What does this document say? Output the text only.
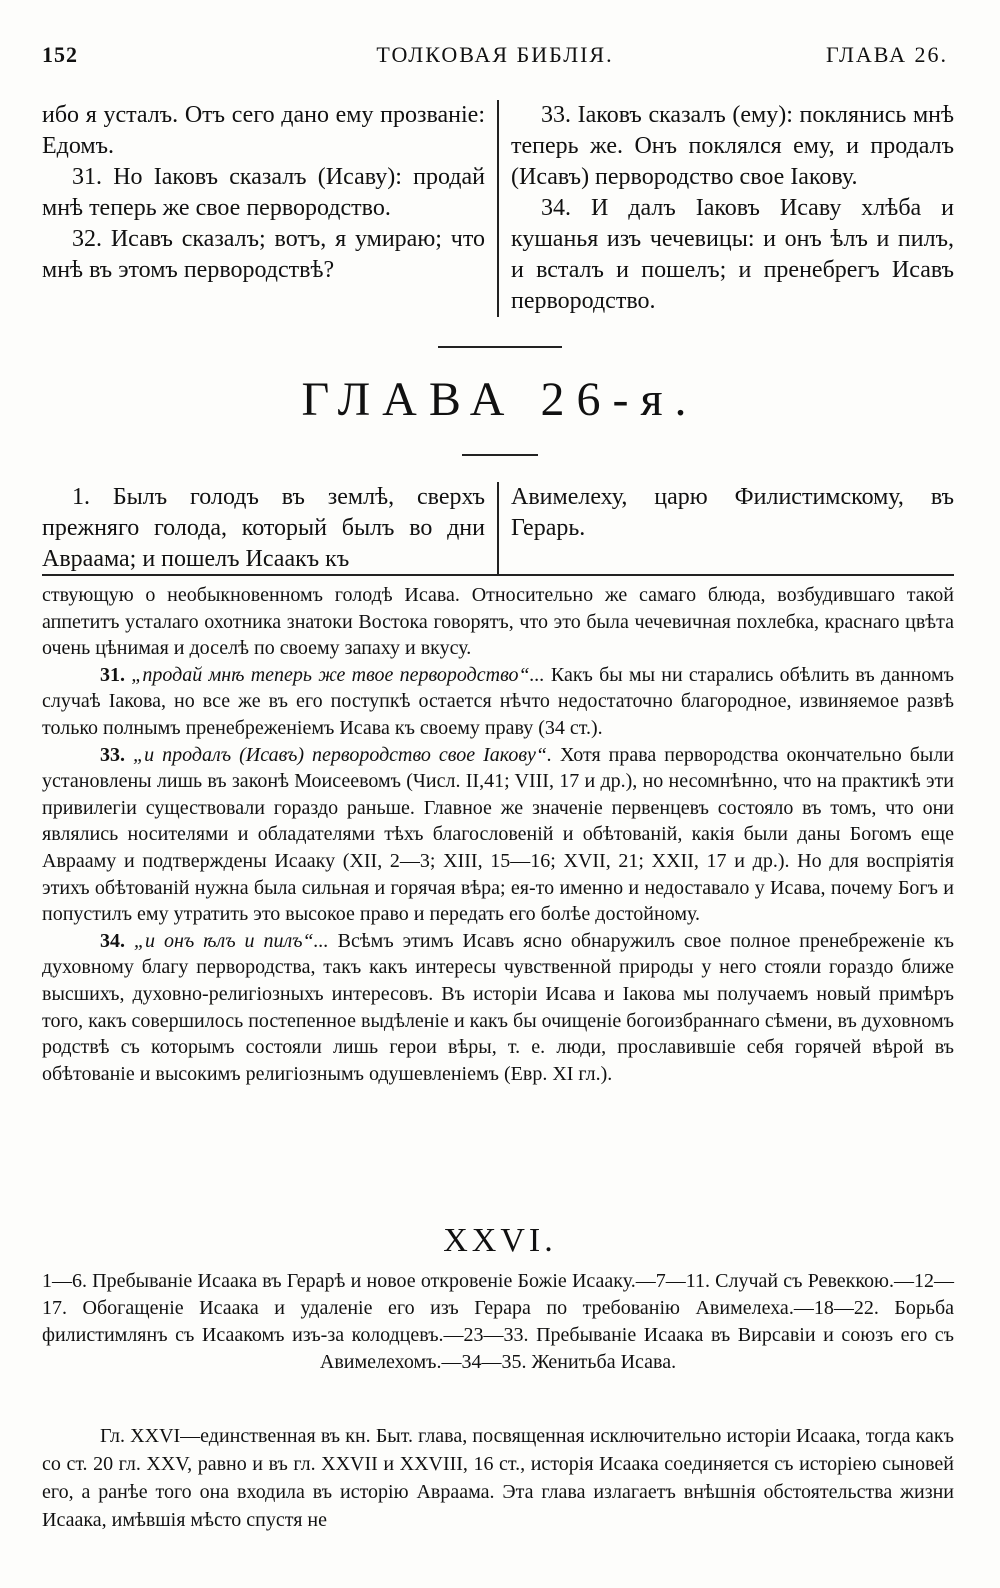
152	ТОЛКОВАЯ БИБЛІЯ.	ГЛАВА 26.

ибо я усталъ. Отъ сего дано ему прозваніе: Едомъ.

31. Но Іаковъ сказалъ (Исаву): продай мнѣ теперь же свое первородство.

32. Исавъ сказалъ; вотъ, я умираю; что мнѣ въ этомъ первородствѣ?

33. Іаковъ сказалъ (ему): поклянись мнѣ теперь же. Онъ поклялся ему, и продалъ (Исавъ) первородство свое Іакову.

34. И далъ Іаковъ Исаву хлѣба и кушанья изъ чечевицы: и онъ ѣлъ и пилъ, и всталъ и пошелъ; и пренебрегъ Исавъ первородство.

ГЛАВА 26-я.

1. Былъ голодъ въ землѣ, сверхъ прежняго голода, который былъ во дни Авраама; и пошелъ Исаакъ къ

Авимелеху, царю Филистимскому, въ Герарь.

ствующую о необыкновенномъ голодѣ Исава. Относительно же самаго блюда, возбудившаго такой аппетитъ усталаго охотника знатоки Востока говорятъ, что это была чечевичная похлебка, краснаго цвѣта очень цѣнимая и доселѣ по своему запаху и вкусу.

31. „продай мнѣ теперь же твое первородство“... Какъ бы мы ни старались обѣлить въ данномъ случаѣ Іакова, но все же въ его поступкѣ остается нѣчто недостаточно благородное, извиняемое развѣ только полнымъ пренебреженіемъ Исава къ своему праву (34 ст.).

33. „и продалъ (Исавъ) первородство свое Іакову“. Хотя права первородства окончательно были установлены лишь въ законѣ Моисеевомъ (Числ. II,41; VIII, 17 и др.), но несомнѣнно, что на практикѣ эти привилегіи существовали гораздо раньше. Главное же значеніе первенцевъ состояло въ томъ, что они являлись носителями и обладателями тѣхъ благословеній и обѣтованій, какія были даны Богомъ еще Аврааму и подтверждены Исааку (XII, 2—3; XIII, 15—16; XVII, 21; XXII, 17 и др.). Но для воспріятія этихъ обѣтованій нужна была сильная и горячая вѣра; ея-то именно и недоставало у Исава, почему Богъ и попустилъ ему утратить это высокое право и передать его болѣе достойному.

34. „и онъ ѣлъ и пилъ“... Всѣмъ этимъ Исавъ ясно обнаружилъ свое полное пренебреженіе къ духовному благу первородства, такъ какъ интересы чувственной природы у него стояли гораздо ближе высшихъ, духовно-религіозныхъ интересовъ. Въ исторіи Исава и Іакова мы получаемъ новый примѣръ того, какъ совершилось постепенное выдѣленіе и какъ бы очищеніе богоизбраннаго сѣмени, въ духовномъ родствѣ съ которымъ состояли лишь герои вѣры, т. е. люди, прославившіе себя горячей вѣрой въ обѣтованіе и высокимъ религіознымъ одушевленіемъ (Евр. XI гл.).

XXVI.

1—6. Пребываніе Исаака въ Герарѣ и новое откровеніе Божіе Исааку.—7—11. Случай съ Ревеккою.—12—17. Обогащеніе Исаака и удаленіе его изъ Герара по требованію Авимелеха.—18—22. Борьба филистимлянъ съ Исаакомъ изъ-за колодцевъ.—23—33. Пребываніе Исаака въ Вирсавіи и союзъ его съ Авимелехомъ.—34—35. Женитьба Исава.

Гл. XXVI—единственная въ кн. Быт. глава, посвященная исключительно исторіи Исаака, тогда какъ со ст. 20 гл. XXV, равно и въ гл. XXVII и XXVIII, 16 ст., исторія Исаака соединяется съ исторіею сыновей его, а ранѣе того она входила въ исторію Авраама. Эта глава излагаетъ внѣшнія обстоятельства жизни Исаака, имѣвшія мѣсто спустя не
